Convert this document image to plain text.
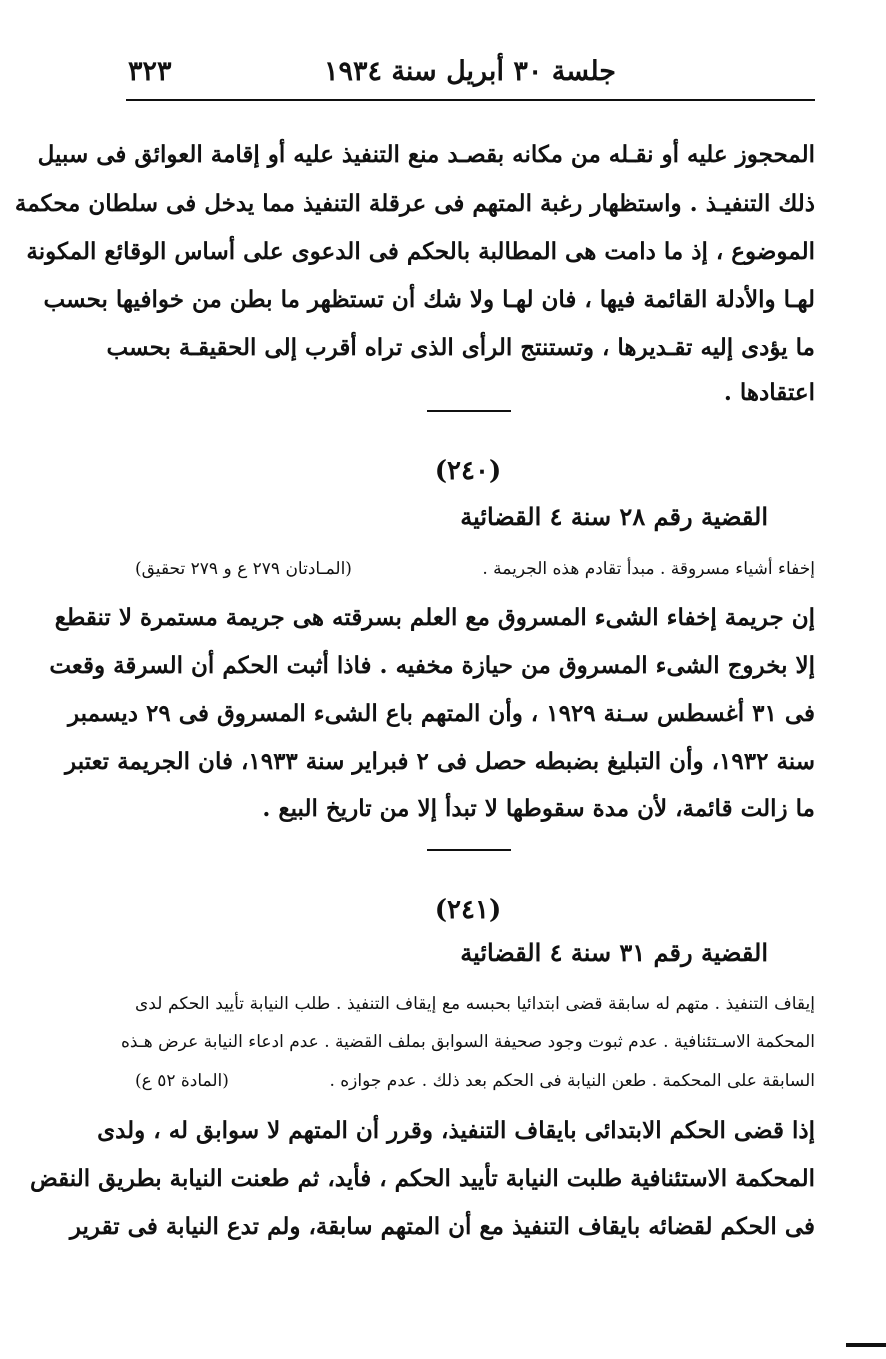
جلسة ٣٠ أبريل سنة ١٩٣٤
٣٢٣
المحجوز عليه أو نقـله من مكانه بقصـد منع التنفيذ عليه أو إقامة العوائق فى سبيل
ذلك التنفيـذ . واستظهار رغبة المتهم فى عرقلة التنفيذ مما يدخل فى سلطان محكمة
الموضوع ، إذ ما دامت هى المطالبة بالحكم فى الدعوى على أساس الوقائع المكونة
لهـا والأدلة القائمة فيها ، فان لهـا ولا شك أن تستظهر ما بطن من خوافيها بحسب
ما يؤدى إليه تقـديرها ، وتستنتج الرأى الذى تراه أقرب إلى الحقيقـة بحسب
اعتقادها .
(٢٤٠)
القضية رقم ٢٨ سنة ٤ القضائية
إخفاء أشياء مسروقة . مبدأ تقادم هذه الجريمة .
(المـادتان ٢٧٩ ع و ٢٧٩ تحقيق)
إن جريمة إخفاء الشىء المسروق مع العلم بسرقته هى جريمة مستمرة لا تنقطع
إلا بخروج الشىء المسروق من حيازة مخفيه . فاذا أثبت الحكم أن السرقة وقعت
فى ٣١ أغسطس سـنة ١٩٢٩ ، وأن المتهم باع الشىء المسروق فى ٢٩ ديسمبر
سنة ١٩٣٢، وأن التبليغ بضبطه حصل فى ٢ فبراير سنة ١٩٣٣، فان الجريمة تعتبر
ما زالت قائمة، لأن مدة سقوطها لا تبدأ إلا من تاريخ البيع .
(٢٤١)
القضية رقم ٣١ سنة ٤ القضائية
إيقاف التنفيذ . متهم له سابقة قضى ابتدائيا بحبسه مع إيقاف التنفيذ . طلب النيابة تأييد الحكم لدى
المحكمة الاسـتئنافية . عدم ثبوت وجود صحيفة السوابق بملف القضية . عدم ادعاء النيابة عرض هـذه
السابقة على المحكمة . طعن النيابة فى الحكم بعد ذلك . عدم جوازه .
(المادة ٥٢ ع)
إذا قضى الحكم الابتدائى بايقاف التنفيذ، وقرر أن المتهم لا سوابق له ، ولدى
المحكمة الاستئنافية طلبت النيابة تأييد الحكم ، فأيد، ثم طعنت النيابة بطريق النقض
فى الحكم لقضائه بايقاف التنفيذ مع أن المتهم سابقة، ولم تدع النيابة فى تقرير
